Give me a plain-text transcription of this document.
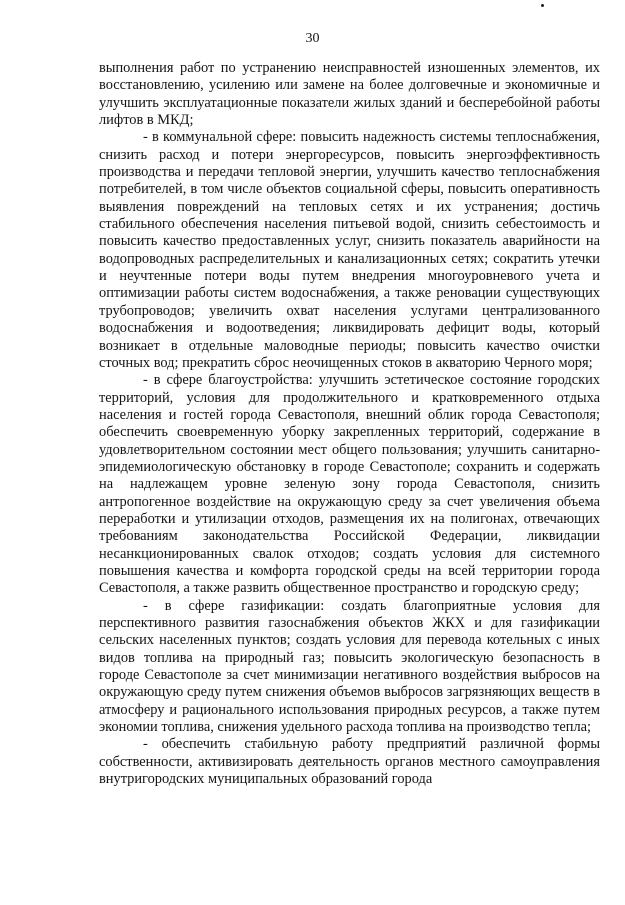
30

выполнения работ по устранению неисправностей изношенных элементов, их восстановлению, усилению или замене на более долговечные и экономичные и улучшить эксплуатационные показатели жилых зданий и бесперебойной работы лифтов в МКД;

- в коммунальной сфере: повысить надежность системы теплоснабжения, снизить расход и потери энергоресурсов, повысить энергоэффективность производства и передачи тепловой энергии, улучшить качество теплоснабжения потребителей, в том числе объектов социальной сферы, повысить оперативность выявления повреждений на тепловых сетях и их устранения; достичь стабильного обеспечения населения питьевой водой, снизить себестоимость и повысить качество предоставленных услуг, снизить показатель аварийности на водопроводных распределительных и канализационных сетях; сократить утечки и неучтенные потери воды путем внедрения многоуровневого учета и оптимизации работы систем водоснабжения, а также реновации существующих трубопроводов; увеличить охват населения услугами централизованного водоснабжения и водоотведения; ликвидировать дефицит воды, который возникает в отдельные маловодные периоды; повысить качество очистки сточных вод; прекратить сброс неочищенных стоков в акваторию Черного моря;

- в сфере благоустройства: улучшить эстетическое состояние городских территорий, условия для продолжительного и кратковременного отдыха населения и гостей города Севастополя, внешний облик города Севастополя; обеспечить своевременную уборку закрепленных территорий, содержание в удовлетворительном состоянии мест общего пользования; улучшить санитарно-эпидемиологическую обстановку в городе Севастополе; сохранить и содержать на надлежащем уровне зеленую зону города Севастополя, снизить антропогенное воздействие на окружающую среду за счет увеличения объема переработки и утилизации отходов, размещения их на полигонах, отвечающих требованиям законодательства Российской Федерации, ликвидации несанкционированных свалок отходов; создать условия для системного повышения качества и комфорта городской среды на всей территории города Севастополя, а также развить общественное пространство и городскую среду;

- в сфере газификации: создать благоприятные условия для перспективного развития газоснабжения объектов ЖКХ и для газификации сельских населенных пунктов; создать условия для перевода котельных с иных видов топлива на природный газ; повысить экологическую безопасность в городе Севастополе за счет минимизации негативного воздействия выбросов на окружающую среду путем снижения объемов выбросов загрязняющих веществ в атмосферу и рационального использования природных ресурсов, а также путем экономии топлива, снижения удельного расхода топлива на производство тепла;

- обеспечить стабильную работу предприятий различной формы собственности, активизировать деятельность органов местного самоуправления внутригородских муниципальных образований города
